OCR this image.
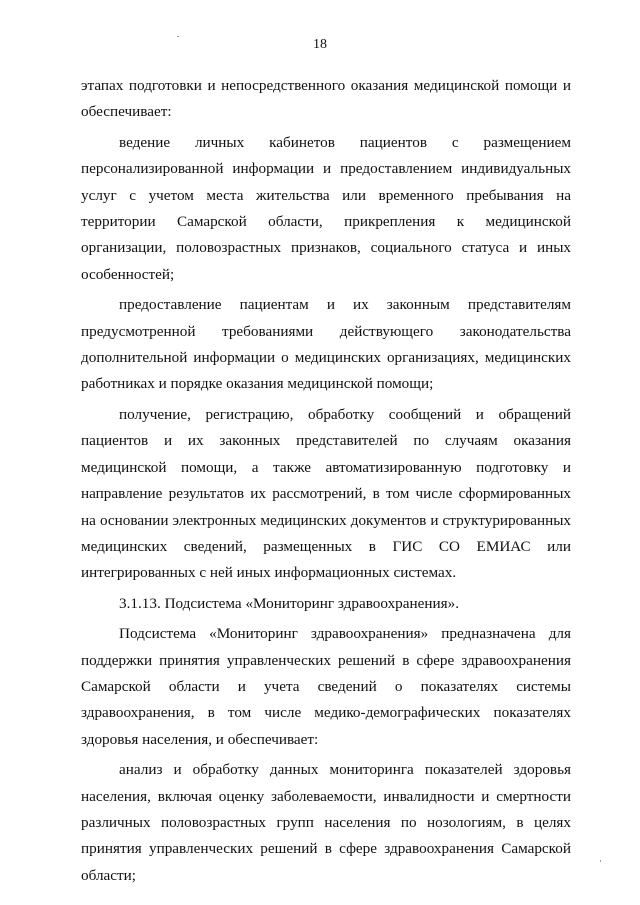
18

этапах подготовки и непосредственного оказания медицинской помощи и обеспечивает:

ведение личных кабинетов пациентов с размещением персонализированной информации и предоставлением индивидуальных услуг с учетом места жительства или временного пребывания на территории Самарской области, прикрепления к медицинской организации, половозрастных признаков, социального статуса и иных особенностей;

предоставление пациентам и их законным представителям предусмотренной требованиями действующего законодательства дополнительной информации о медицинских организациях, медицинских работниках и порядке оказания медицинской помощи;

получение, регистрацию, обработку сообщений и обращений пациентов и их законных представителей по случаям оказания медицинской помощи, а также автоматизированную подготовку и направление результатов их рассмотрений, в том числе сформированных на основании электронных медицинских документов и структурированных медицинских сведений, размещенных в ГИС СО ЕМИАС или интегрированных с ней иных информационных системах.

3.1.13. Подсистема «Мониторинг здравоохранения».

Подсистема «Мониторинг здравоохранения» предназначена для поддержки принятия управленческих решений в сфере здравоохранения Самарской области и учета сведений о показателях системы здравоохранения, в том числе медико-демографических показателях здоровья населения, и обеспечивает:

анализ и обработку данных мониторинга показателей здоровья населения, включая оценку заболеваемости, инвалидности и смертности различных половозрастных групп населения по нозологиям, в целях принятия управленческих решений в сфере здравоохранения Самарской области;
